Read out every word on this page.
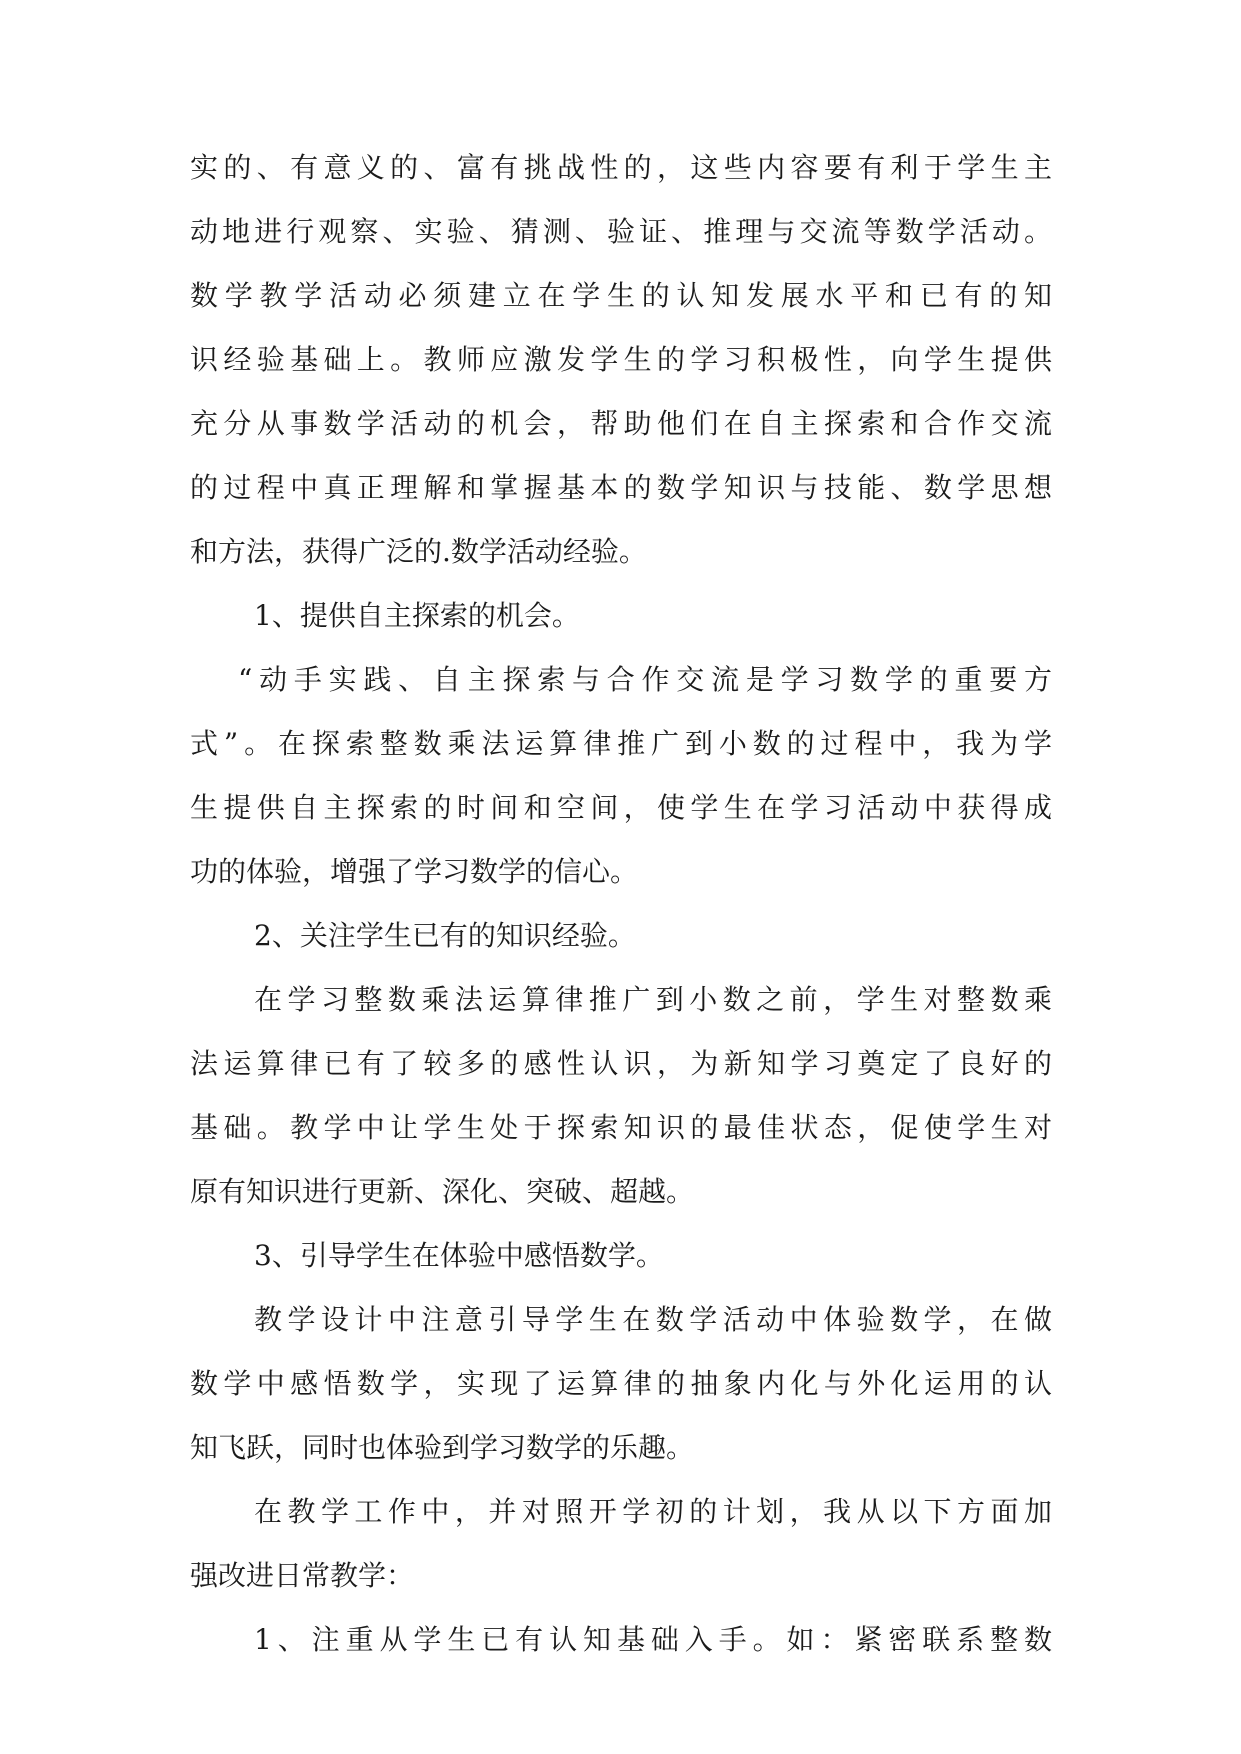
实的、有意义的、富有挑战性的，这些内容要有利于学生主
动地进行观察、实验、猜测、验证、推理与交流等数学活动。
数学教学活动必须建立在学生的认知发展水平和已有的知
识经验基础上。教师应激发学生的学习积极性，向学生提供
充分从事数学活动的机会，帮助他们在自主探索和合作交流
的过程中真正理解和掌握基本的数学知识与技能、数学思想
和方法，获得广泛的.数学活动经验。
1、提供自主探索的机会。
“动手实践、自主探索与合作交流是学习数学的重要方
式”。在探索整数乘法运算律推广到小数的过程中，我为学
生提供自主探索的时间和空间，使学生在学习活动中获得成
功的体验，增强了学习数学的信心。
2、关注学生已有的知识经验。
在学习整数乘法运算律推广到小数之前，学生对整数乘
法运算律已有了较多的感性认识，为新知学习奠定了良好的
基础。教学中让学生处于探索知识的最佳状态，促使学生对
原有知识进行更新、深化、突破、超越。
3、引导学生在体验中感悟数学。
教学设计中注意引导学生在数学活动中体验数学，在做
数学中感悟数学，实现了运算律的抽象内化与外化运用的认
知飞跃，同时也体验到学习数学的乐趣。
在教学工作中，并对照开学初的计划，我从以下方面加
强改进日常教学：
1、注重从学生已有认知基础入手。如：紧密联系整数
